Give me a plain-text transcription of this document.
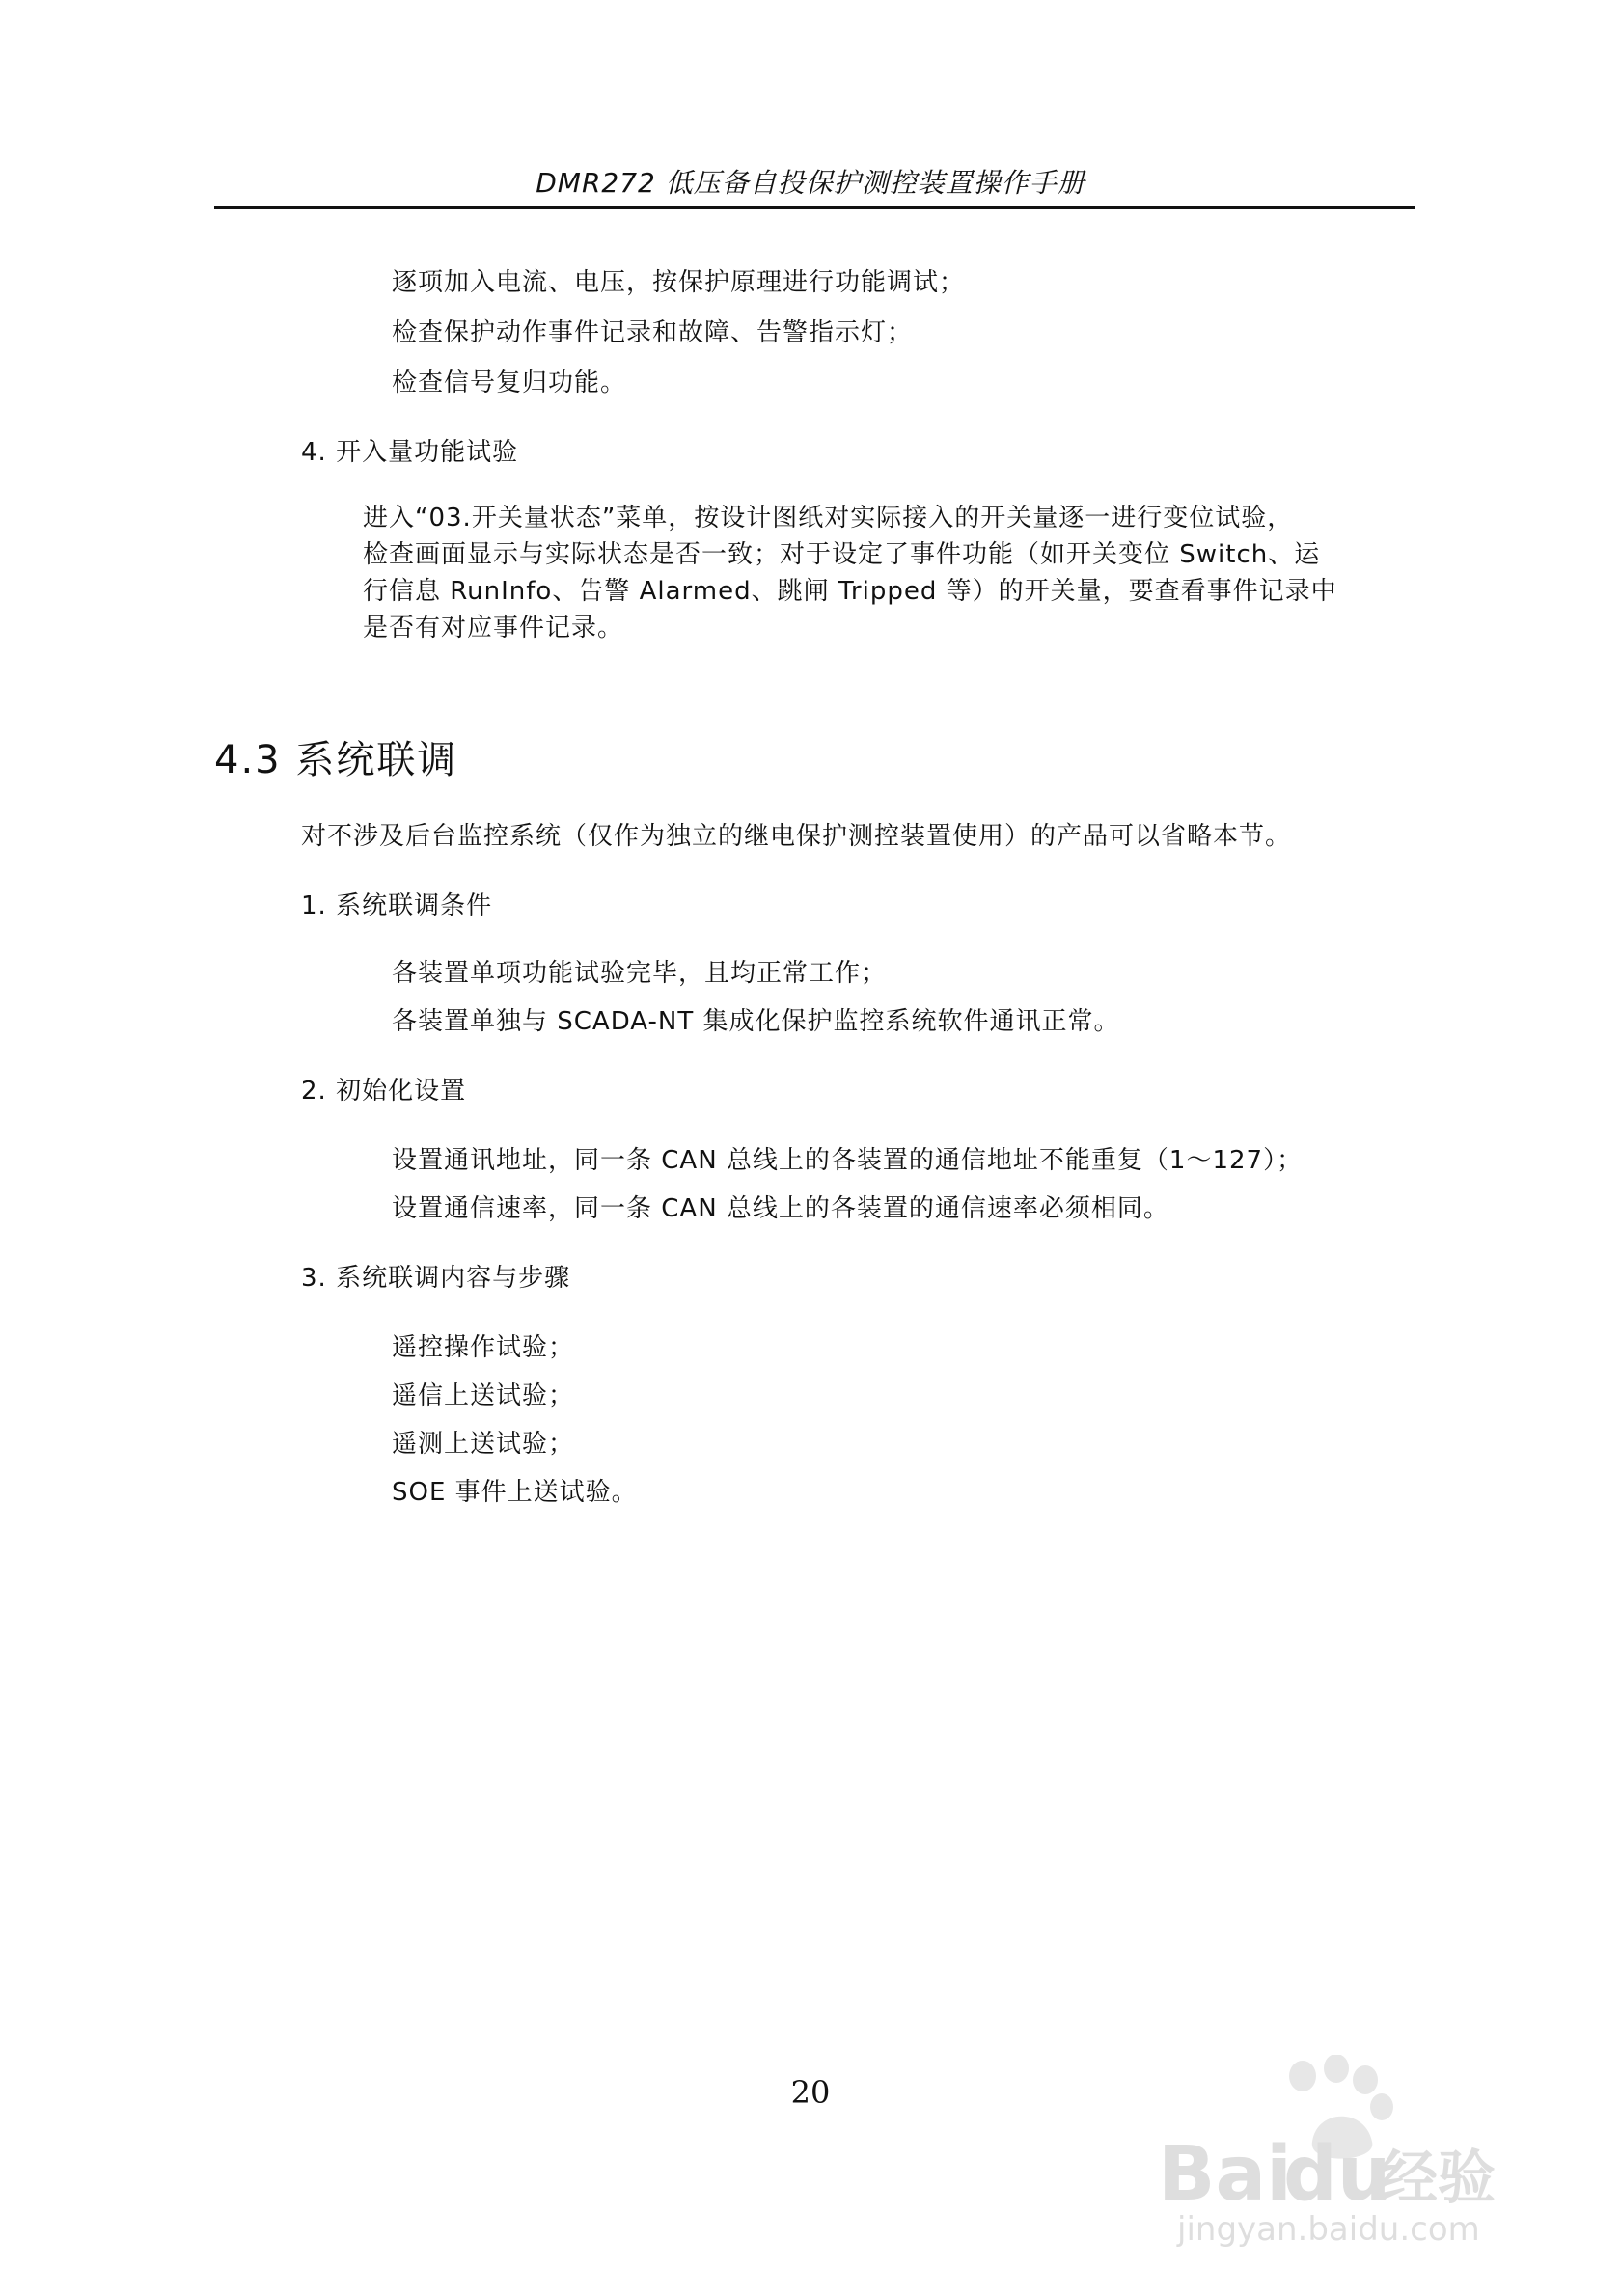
DMR272 低压备自投保护测控装置操作手册
逐项加入电流、电压，按保护原理进行功能调试；
检查保护动作事件记录和故障、告警指示灯；
检查信号复归功能。
4. 开入量功能试验

进入“03.开关量状态”菜单，按设计图纸对实际接入的开关量逐一进行变位试验，

检查画面显示与实际状态是否一致；对于设定了事件功能（如开关变位 Switch、运

行信息 RunInfo、告警 Alarmed、跳闸 Tripped 等）的开关量，要查看事件记录中

是否有对应事件记录。

4.3 系统联调
对不涉及后台监控系统（仅作为独立的继电保护测控装置使用）的产品可以省略本节。
1. 系统联调条件
各装置单项功能试验完毕，且均正常工作；
各装置单独与 SCADA-NT 集成化保护监控系统软件通讯正常。
2. 初始化设置
设置通讯地址，同一条 CAN 总线上的各装置的通信地址不能重复（1～127）；
设置通信速率，同一条 CAN 总线上的各装置的通信速率必须相同。
3. 系统联调内容与步骤
遥控操作试验；
遥信上送试验；
遥测上送试验；
SOE 事件上送试验。
20
Bai
du
经验
jingyan.baidu.com
